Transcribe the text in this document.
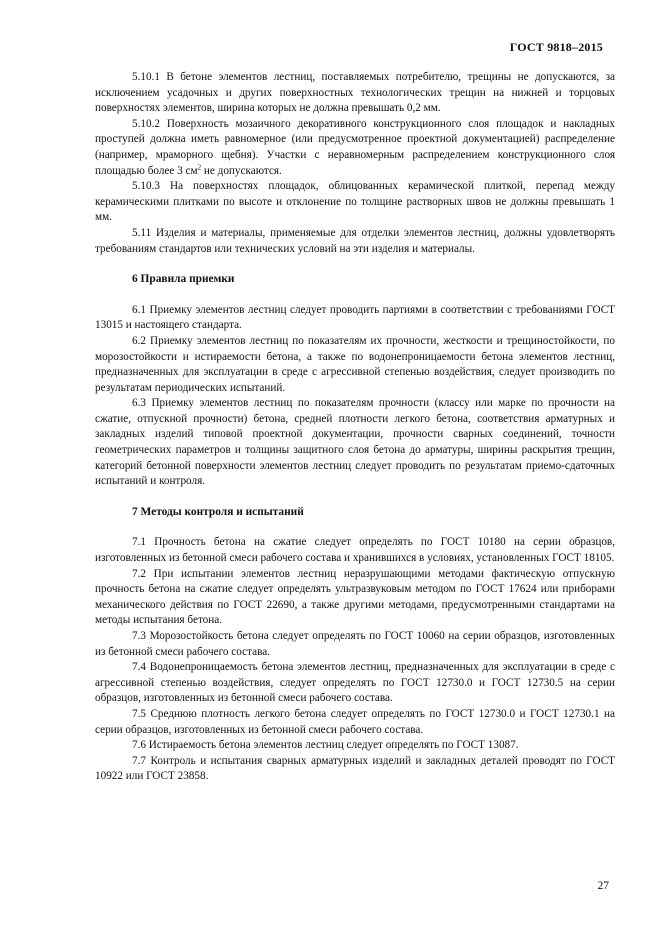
ГОСТ 9818–2015

5.10.1 В бетоне элементов лестниц, поставляемых потребителю, трещины не допускаются, за исключением усадочных и других поверхностных технологических трещин на нижней и торцовых поверхностях элементов, ширина которых не должна превышать 0,2 мм.

5.10.2 Поверхность мозаичного декоративного конструкционного слоя площадок и накладных проступей должна иметь равномерное (или предусмотренное проектной документацией) распределение (например, мраморного щебня). Участки с неравномерным распределением конструкционного слоя площадью более 3 $см^2$ не допускаются.

5.10.3 На поверхностях площадок, облицованных керамической плиткой, перепад между керамическими плитками по высоте и отклонение по толщине растворных швов не должны превышать 1 мм.

5.11 Изделия и материалы, применяемые для отделки элементов лестниц, должны удовлетворять требованиям стандартов или технических условий на эти изделия и материалы.

6 Правила приемки

6.1 Приемку элементов лестниц следует проводить партиями в соответствии с требованиями ГОСТ 13015 и настоящего стандарта.

6.2 Приемку элементов лестниц по показателям их прочности, жесткости и трещиностойкости, по морозостойкости и истираемости бетона, а также по водонепроницаемости бетона элементов лестниц, предназначенных для эксплуатации в среде с агрессивной степенью воздействия, следует производить по результатам периодических испытаний.

6.3 Приемку элементов лестниц по показателям прочности (классу или марке по прочности на сжатие, отпускной прочности) бетона, средней плотности легкого бетона, соответствия арматурных и закладных изделий типовой проектной документации, прочности сварных соединений, точности геометрических параметров и толщины защитного слоя бетона до арматуры, ширины раскрытия трещин, категорий бетонной поверхности элементов лестниц следует проводить по результатам приемо-сдаточных испытаний и контроля.

7 Методы контроля и испытаний

7.1 Прочность бетона на сжатие следует определять по ГОСТ 10180 на серии образцов, изготовленных из бетонной смеси рабочего состава и хранившихся в условиях, установленных ГОСТ 18105.

7.2 При испытании элементов лестниц неразрушающими методами фактическую отпускную прочность бетона на сжатие следует определять ультразвуковым методом по ГОСТ 17624 или приборами механического действия по ГОСТ 22690, а также другими методами, предусмотренными стандартами на методы испытания бетона.

7.3 Морозостойкость бетона следует определять по ГОСТ 10060 на серии образцов, изготовленных из бетонной смеси рабочего состава.

7.4 Водонепроницаемость бетона элементов лестниц, предназначенных для эксплуатации в среде с агрессивной степенью воздействия, следует определять по ГОСТ 12730.0 и ГОСТ 12730.5 на серии образцов, изготовленных из бетонной смеси рабочего состава.

7.5 Среднюю плотность легкого бетона следует определять по ГОСТ 12730.0 и ГОСТ 12730.1 на серии образцов, изготовленных из бетонной смеси рабочего состава.

7.6 Истираемость бетона элементов лестниц следует определять по ГОСТ 13087.

7.7 Контроль и испытания сварных арматурных изделий и закладных деталей проводят по ГОСТ 10922 или ГОСТ 23858.

27
